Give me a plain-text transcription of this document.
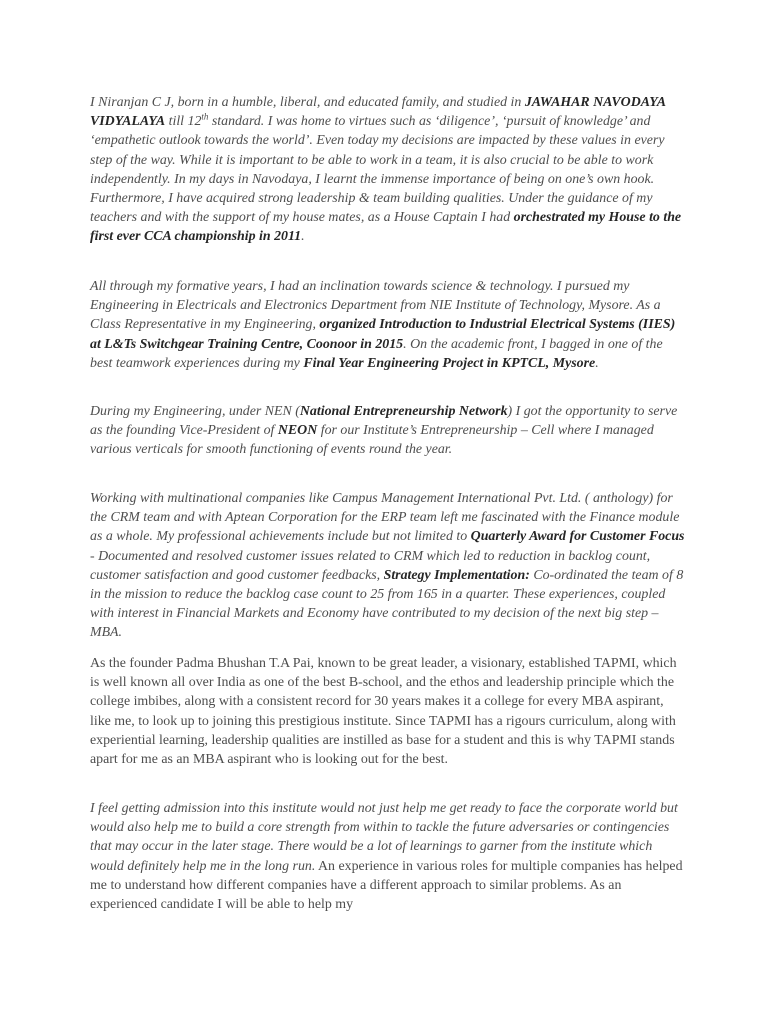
I Niranjan C J, born in a humble, liberal, and educated family, and studied in JAWAHAR NAVODAYA VIDYALAYA till 12th standard. I was home to virtues such as ‘diligence’, ‘pursuit of knowledge’ and ‘empathetic outlook towards the world’. Even today my decisions are impacted by these values in every step of the way. While it is important to be able to work in a team, it is also crucial to be able to work independently. In my days in Navodaya, I learnt the immense importance of being on one’s own hook. Furthermore, I have acquired strong leadership & team building qualities. Under the guidance of my teachers and with the support of my house mates, as a House Captain I had orchestrated my House to the first ever CCA championship in 2011.

All through my formative years, I had an inclination towards science & technology. I pursued my Engineering in Electricals and Electronics Department from NIE Institute of Technology, Mysore. As a Class Representative in my Engineering, organized Introduction to Industrial Electrical Systems (IIES) at L&Ts Switchgear Training Centre, Coonoor in 2015. On the academic front, I bagged in one of the best teamwork experiences during my Final Year Engineering Project in KPTCL, Mysore.

During my Engineering, under NEN (National Entrepreneurship Network) I got the opportunity to serve as the founding Vice-President of NEON for our Institute’s Entrepreneurship – Cell where I managed various verticals for smooth functioning of events round the year.

Working with multinational companies like Campus Management International Pvt. Ltd. ( anthology) for the CRM team and with Aptean Corporation for the ERP team left me fascinated with the Finance module as a whole. My professional achievements include but not limited to Quarterly Award for Customer Focus - Documented and resolved customer issues related to CRM which led to reduction in backlog count, customer satisfaction and good customer feedbacks, Strategy Implementation: Co-ordinated the team of 8 in the mission to reduce the backlog case count to 25 from 165 in a quarter. These experiences, coupled with interest in Financial Markets and Economy have contributed to my decision of the next big step – MBA.

As the founder Padma Bhushan T.A Pai, known to be great leader, a visionary, established TAPMI, which is well known all over India as one of the best B-school, and the ethos and leadership principle which the college imbibes, along with a consistent record for 30 years makes it a college for every MBA aspirant, like me, to look up to joining this prestigious institute. Since TAPMI has a rigours curriculum, along with experiential learning, leadership qualities are instilled as base for a student and this is why TAPMI stands apart for me as an MBA aspirant who is looking out for the best.

I feel getting admission into this institute would not just help me get ready to face the corporate world but would also help me to build a core strength from within to tackle the future adversaries or contingencies that may occur in the later stage. There would be a lot of learnings to garner from the institute which would definitely help me in the long run. An experience in various roles for multiple companies has helped me to understand how different companies have a different approach to similar problems. As an experienced candidate I will be able to help my
